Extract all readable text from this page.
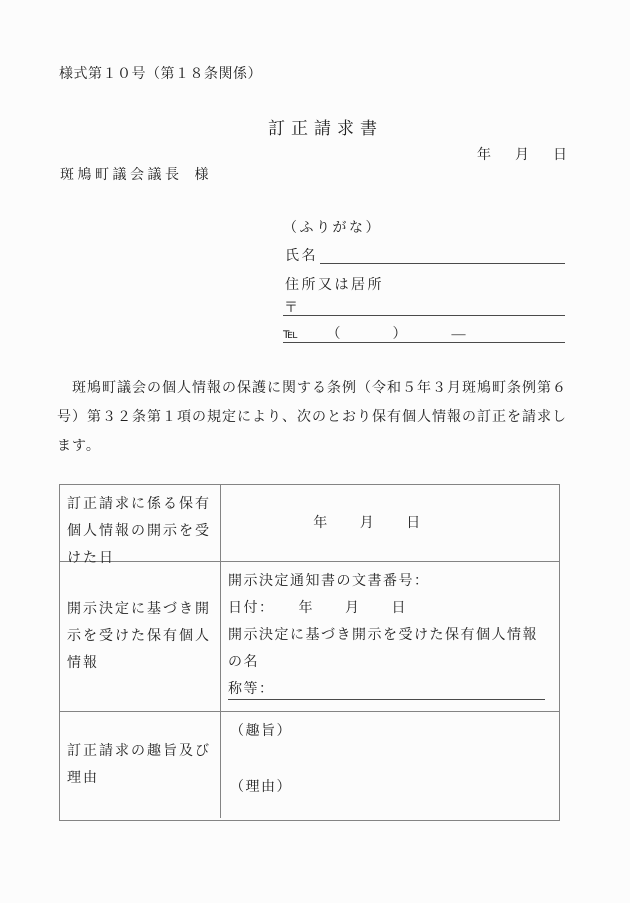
様式第１０号（第１８条関係）
訂正請求書
年　月　日
斑鳩町議会議長 様
（ふりがな）
氏名
住所又は居所
〒
℡　　（　　　）　　　—
　斑鳩町議会の個人情報の保護に関する条例（令和５年３月斑鳩町条例第６
号）第３２条第１項の規定により、次のとおり保有個人情報の訂正を請求し
ます。
訂正請求に係る保有
個人情報の開示を受
けた日
年　　月　　日
開示決定に基づき開
示を受けた保有個人
情報
開示決定通知書の文書番号：
日付：　　年　　月　　日
開示決定に基づき開示を受けた保有個人情報の名
称等：
訂正請求の趣旨及び
理由
（趣旨）
（理由）
